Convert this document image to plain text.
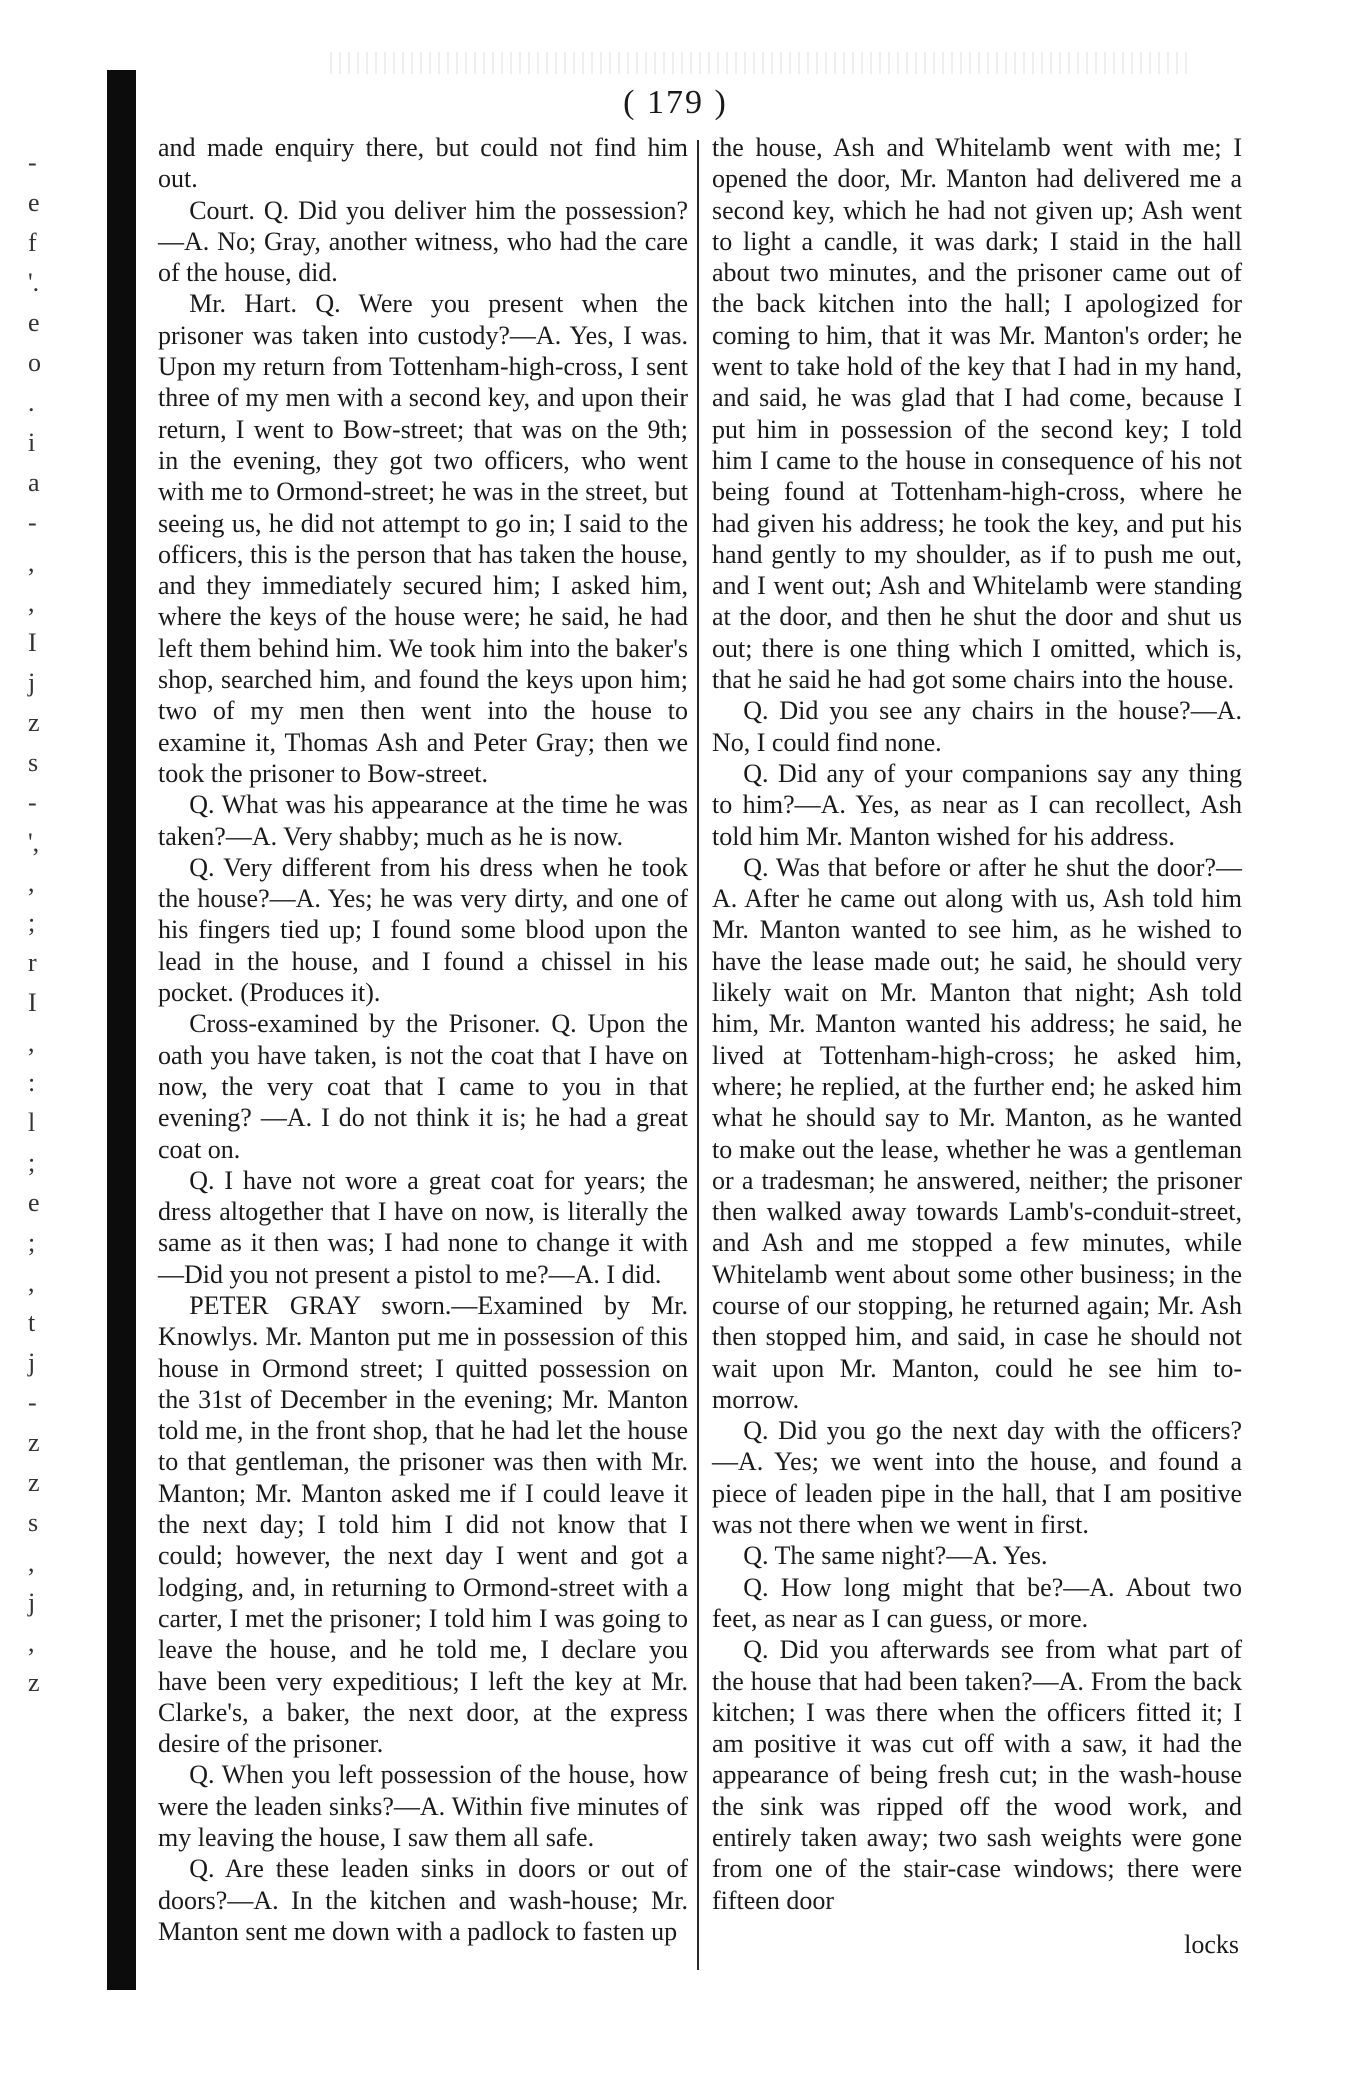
-
e
f
'.
e
o
.
i
a
-
,
,
I
j
z
s
-
',
,
;
r
I
,
:
l
;
e
;
,
t
j
-
z
z
s
,
j
,
z
( 179 )

and made enquiry there, but could not find him out.

Court. Q. Did you deliver him the possession? —A. No; Gray, another witness, who had the care of the house, did.

Mr. Hart. Q. Were you present when the prisoner was taken into custody?—A. Yes, I was. Upon my return from Tottenham-high-cross, I sent three of my men with a second key, and upon their return, I went to Bow-street; that was on the 9th; in the evening, they got two officers, who went with me to Ormond-street; he was in the street, but seeing us, he did not attempt to go in; I said to the officers, this is the person that has taken the house, and they immediately secured him; I asked him, where the keys of the house were; he said, he had left them behind him. We took him into the baker's shop, searched him, and found the keys upon him; two of my men then went into the house to examine it, Thomas Ash and Peter Gray; then we took the prisoner to Bow-street.

Q. What was his appearance at the time he was taken?—A. Very shabby; much as he is now.

Q. Very different from his dress when he took the house?—A. Yes; he was very dirty, and one of his fingers tied up; I found some blood upon the lead in the house, and I found a chissel in his pocket. (Produces it).

Cross-examined by the Prisoner. Q. Upon the oath you have taken, is not the coat that I have on now, the very coat that I came to you in that evening? —A. I do not think it is; he had a great coat on.

Q. I have not wore a great coat for years; the dress altogether that I have on now, is literally the same as it then was; I had none to change it with —Did you not present a pistol to me?—A. I did.

PETER GRAY sworn.—Examined by Mr. Knowlys. Mr. Manton put me in possession of this house in Ormond street; I quitted possession on the 31st of December in the evening; Mr. Manton told me, in the front shop, that he had let the house to that gentleman, the prisoner was then with Mr. Manton; Mr. Manton asked me if I could leave it the next day; I told him I did not know that I could; however, the next day I went and got a lodging, and, in returning to Ormond-street with a carter, I met the prisoner; I told him I was going to leave the house, and he told me, I declare you have been very expeditious; I left the key at Mr. Clarke's, a baker, the next door, at the express desire of the prisoner.

Q. When you left possession of the house, how were the leaden sinks?—A. Within five minutes of my leaving the house, I saw them all safe.

Q. Are these leaden sinks in doors or out of doors?—A. In the kitchen and wash-house; Mr. Manton sent me down with a padlock to fasten up

the house, Ash and Whitelamb went with me; I opened the door, Mr. Manton had delivered me a second key, which he had not given up; Ash went to light a candle, it was dark; I staid in the hall about two minutes, and the prisoner came out of the back kitchen into the hall; I apologized for coming to him, that it was Mr. Manton's order; he went to take hold of the key that I had in my hand, and said, he was glad that I had come, because I put him in possession of the second key; I told him I came to the house in consequence of his not being found at Tottenham-high-cross, where he had given his address; he took the key, and put his hand gently to my shoulder, as if to push me out, and I went out; Ash and Whitelamb were standing at the door, and then he shut the door and shut us out; there is one thing which I omitted, which is, that he said he had got some chairs into the house.

Q. Did you see any chairs in the house?—A. No, I could find none.

Q. Did any of your companions say any thing to him?—A. Yes, as near as I can recollect, Ash told him Mr. Manton wished for his address.

Q. Was that before or after he shut the door?— A. After he came out along with us, Ash told him Mr. Manton wanted to see him, as he wished to have the lease made out; he said, he should very likely wait on Mr. Manton that night; Ash told him, Mr. Manton wanted his address; he said, he lived at Tottenham-high-cross; he asked him, where; he replied, at the further end; he asked him what he should say to Mr. Manton, as he wanted to make out the lease, whether he was a gentleman or a tradesman; he answered, neither; the prisoner then walked away towards Lamb's-conduit-street, and Ash and me stopped a few minutes, while Whitelamb went about some other business; in the course of our stopping, he returned again; Mr. Ash then stopped him, and said, in case he should not wait upon Mr. Manton, could he see him to-morrow.

Q. Did you go the next day with the officers? —A. Yes; we went into the house, and found a piece of leaden pipe in the hall, that I am positive was not there when we went in first.

Q. The same night?—A. Yes.

Q. How long might that be?—A. About two feet, as near as I can guess, or more.

Q. Did you afterwards see from what part of the house that had been taken?—A. From the back kitchen; I was there when the officers fitted it; I am positive it was cut off with a saw, it had the appearance of being fresh cut; in the wash-house the sink was ripped off the wood work, and entirely taken away; two sash weights were gone from one of the stair-case windows; there were fifteen door

locks
